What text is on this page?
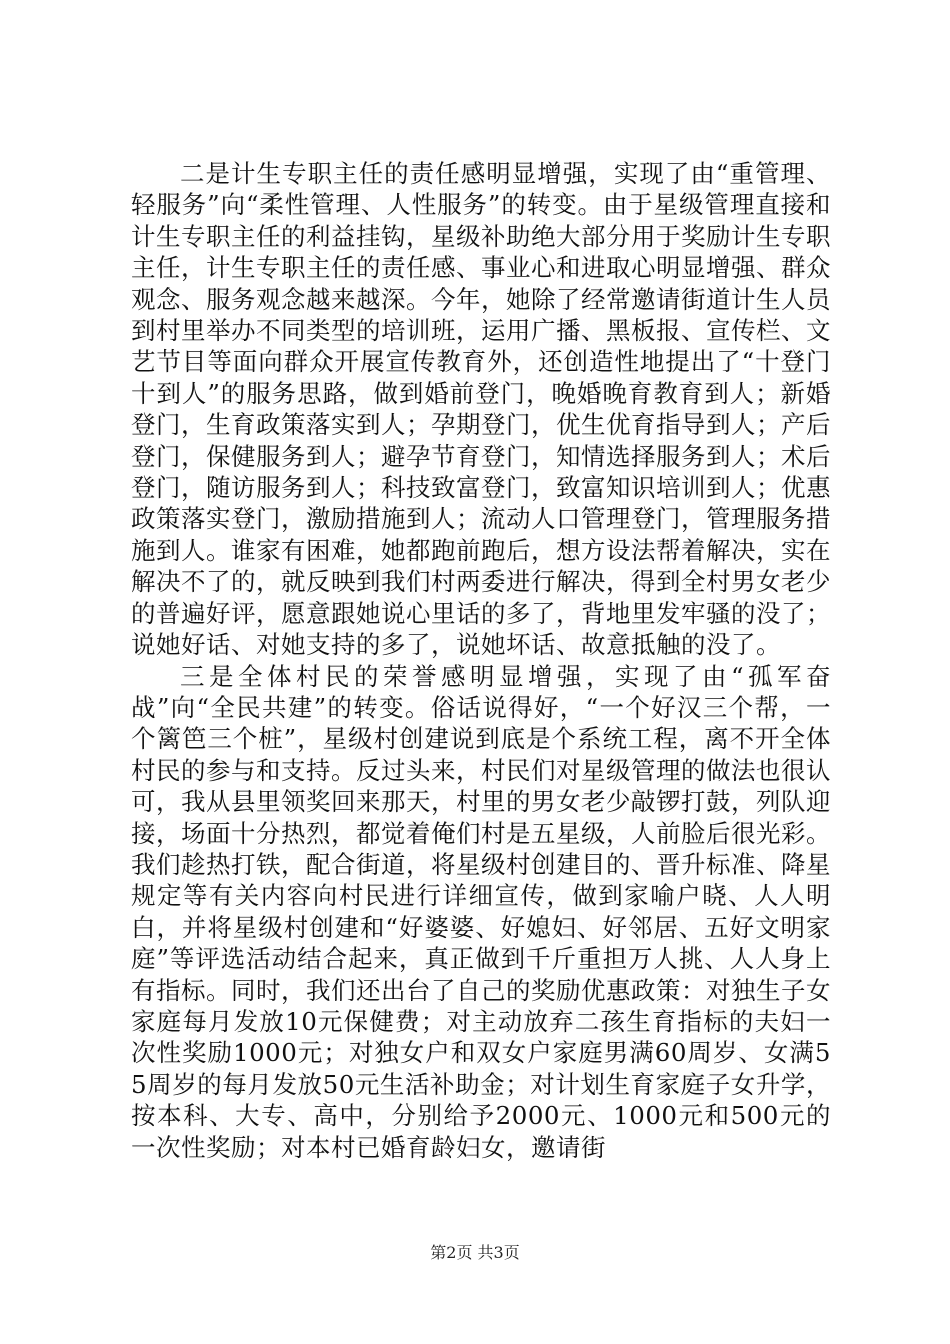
二是计生专职主任的责任感明显增强，实现了由“重管理、轻服务”向“柔性管理、人性服务”的转变。由于星级管理直接和计生专职主任的利益挂钩，星级补助绝大部分用于奖励计生专职主任，计生专职主任的责任感、事业心和进取心明显增强、群众观念、服务观念越来越深。今年，她除了经常邀请街道计生人员到村里举办不同类型的培训班，运用广播、黑板报、宣传栏、文艺节目等面向群众开展宣传教育外，还创造性地提出了“十登门十到人”的服务思路，做到婚前登门，晚婚晚育教育到人；新婚登门，生育政策落实到人；孕期登门，优生优育指导到人；产后登门，保健服务到人；避孕节育登门，知情选择服务到人；术后登门，随访服务到人；科技致富登门，致富知识培训到人；优惠政策落实登门，激励措施到人；流动人口管理登门，管理服务措施到人。谁家有困难，她都跑前跑后，想方设法帮着解决，实在解决不了的，就反映到我们村两委进行解决，得到全村男女老少的普遍好评，愿意跟她说心里话的多了，背地里发牢骚的没了；说她好话、对她支持的多了，说她坏话、故意抵触的没了。

三是全体村民的荣誉感明显增强，实现了由“孤军奋战”向“全民共建”的转变。俗话说得好，“一个好汉三个帮，一个篱笆三个桩”，星级村创建说到底是个系统工程，离不开全体村民的参与和支持。反过头来，村民们对星级管理的做法也很认可，我从县里领奖回来那天，村里的男女老少敲锣打鼓，列队迎接，场面十分热烈，都觉着俺们村是五星级，人前脸后很光彩。我们趁热打铁，配合街道，将星级村创建目的、晋升标准、降星规定等有关内容向村民进行详细宣传，做到家喻户晓、人人明白，并将星级村创建和“好婆婆、好媳妇、好邻居、五好文明家庭”等评选活动结合起来，真正做到千斤重担万人挑、人人身上有指标。同时，我们还出台了自己的奖励优惠政策：对独生子女家庭每月发放10元保健费；对主动放弃二孩生育指标的夫妇一次性奖励1000元；对独女户和双女户家庭男满60周岁、女满55周岁的每月发放50元生活补助金；对计划生育家庭子女升学，按本科、大专、高中，分别给予2000元、1000元和500元的一次性奖励；对本村已婚育龄妇女，邀请街

第2页 共3页
